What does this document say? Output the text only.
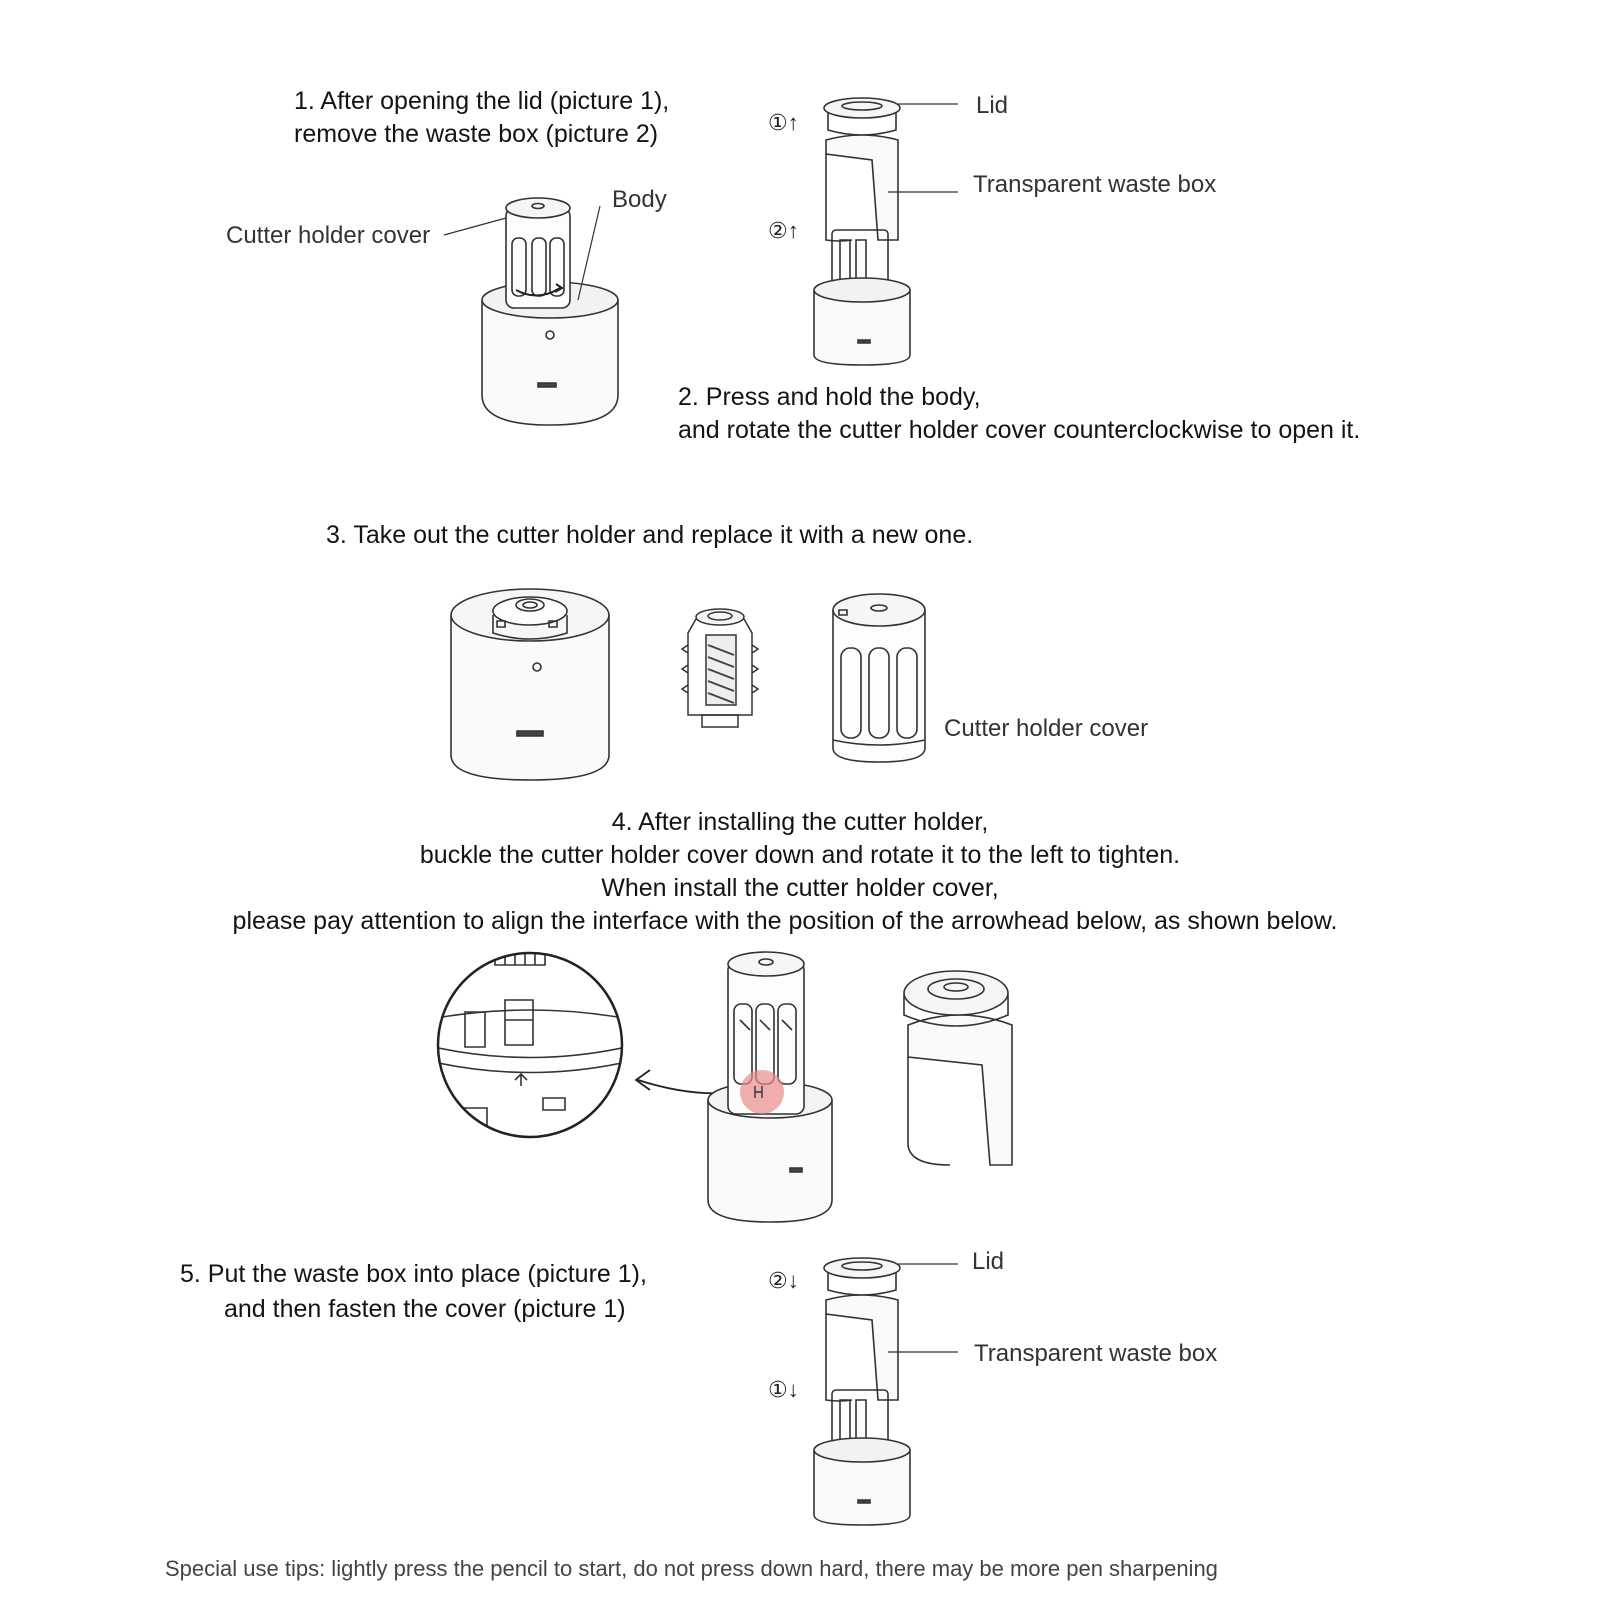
1. After opening the lid (picture 1),
remove the waste box (picture 2)	①↑
②↑
Lid
Transparent waste box
Body
Cutter holder cover
2. Press and hold the body,
and rotate the cutter holder cover counterclockwise to open it.
3. Take out the cutter holder and replace it with a new one.
Cutter holder cover
4. After installing the cutter holder,
buckle the cutter holder cover down and rotate it to the left to tighten.
When install the cutter holder cover,
please pay attention to align the interface with the position of the arrowhead below, as shown below.
5. Put the waste box into place (picture 1),
and then fasten the cover (picture 1)
②↓
①↓
Lid
Transparent waste box
Special use tips: lightly press the pencil to start, do not press down hard, there may be more pen sharpening
